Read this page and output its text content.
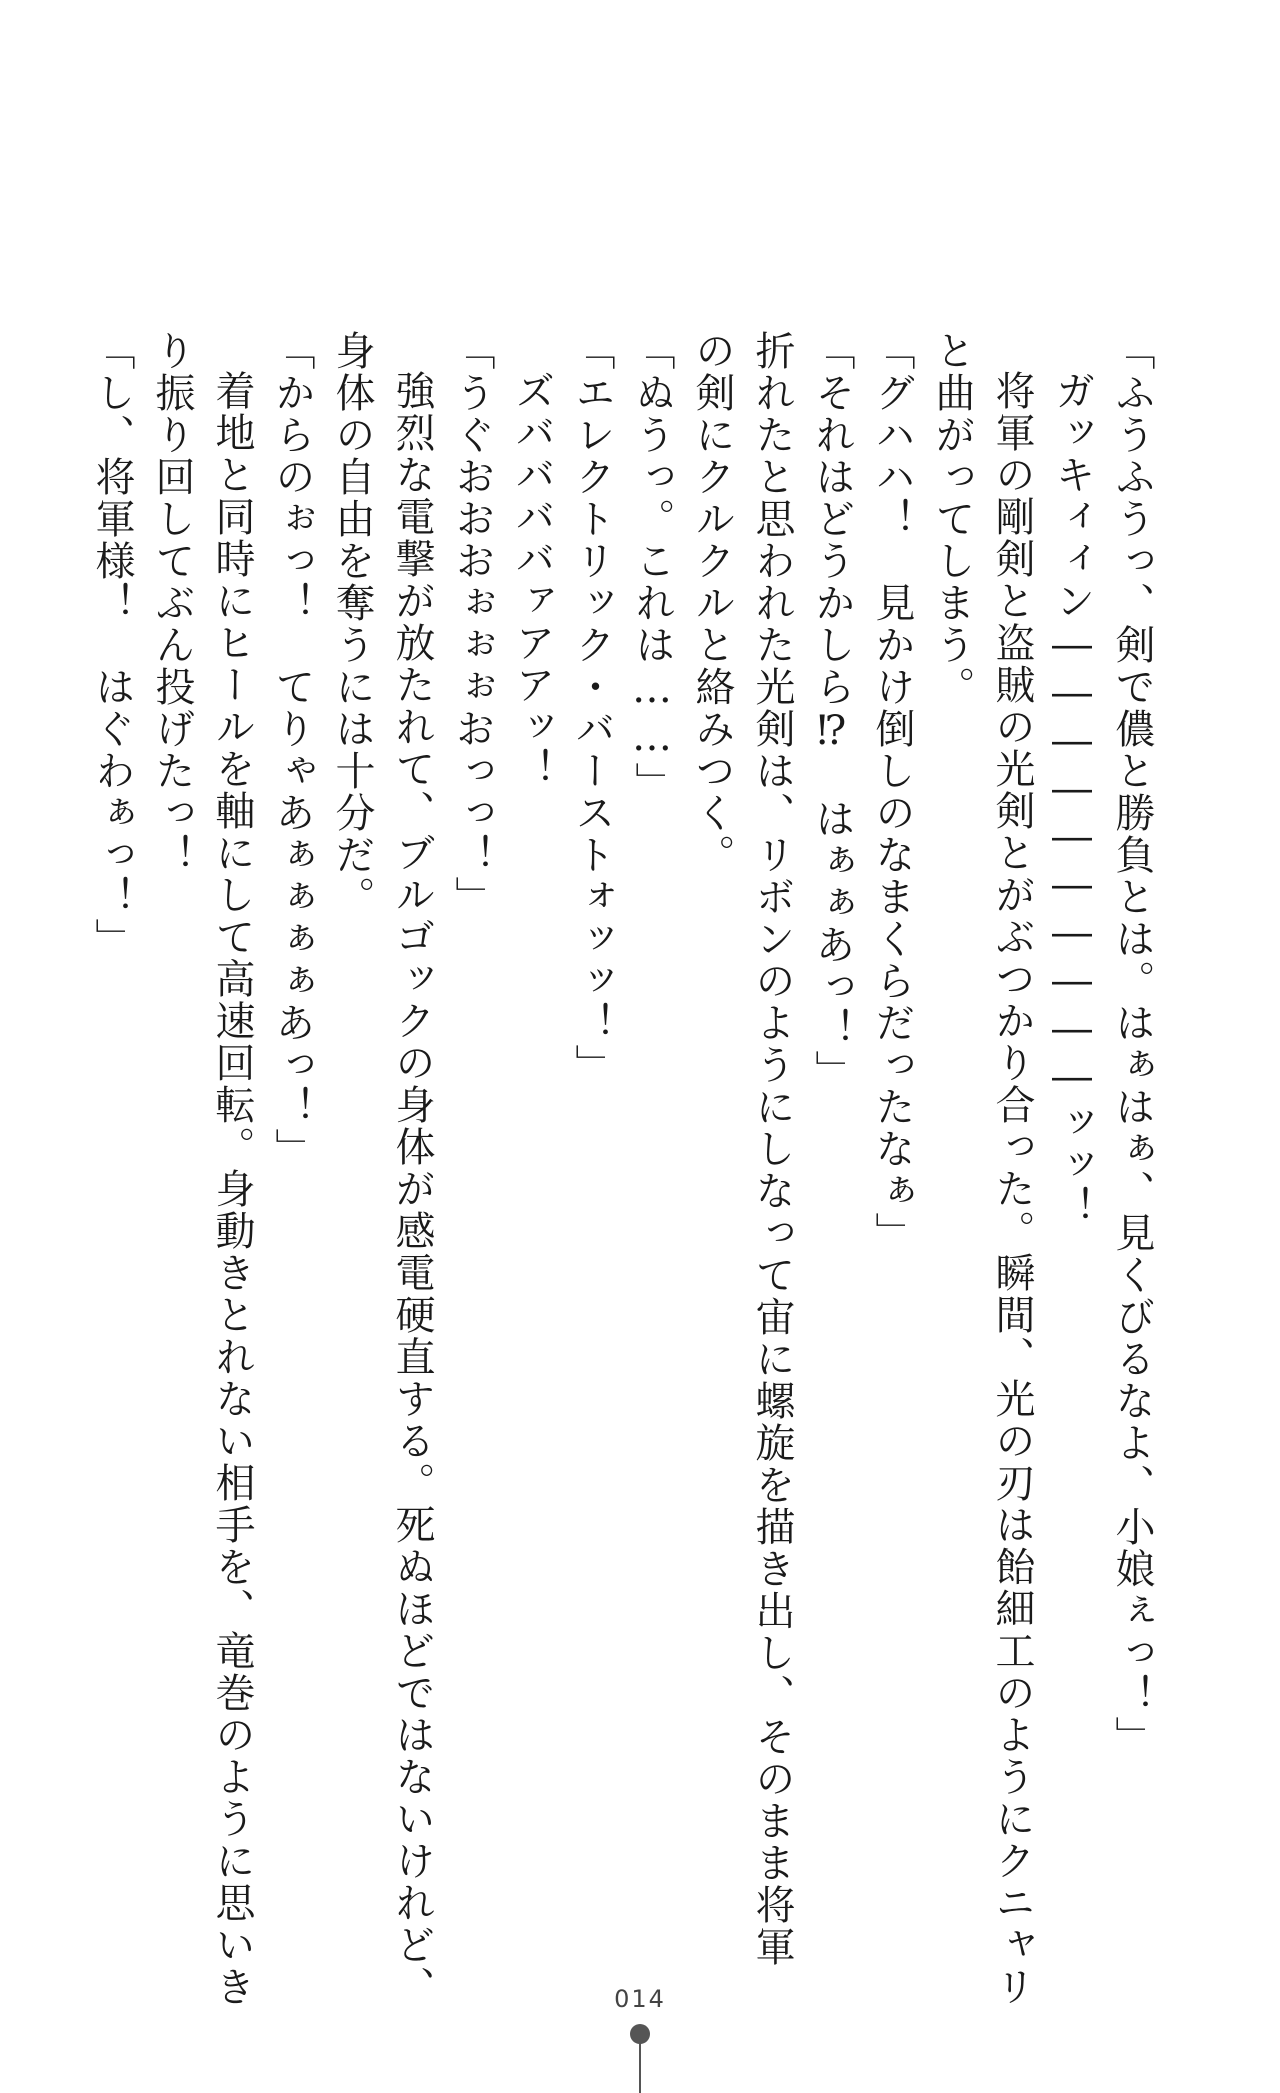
「ふうふうっ、剣で儂と勝負とは。はぁはぁ、見くびるなよ、小娘ぇっ！」
ガッキィィン――――――――――ッッ！
将軍の剛剣と盗賊の光剣とがぶつかり合った。瞬間、光の刃は飴細工のようにクニャリ
と曲がってしまう。
「グハハ！　見かけ倒しのなまくらだったなぁ」
「それはどうかしら⁉　はぁぁあっ！」
折れたと思われた光剣は、リボンのようにしなって宙に螺旋を描き出し、そのまま将軍
の剣にクルクルと絡みつく。
「ぬうっ。これは……」
「エレクトリック・バーストォッッ！」
ズババババァアアッ！
「うぐおおおぉぉぉおっっ！」
強烈な電撃が放たれて、ブルゴックの身体が感電硬直する。死ぬほどではないけれど、
身体の自由を奪うには十分だ。
「からのぉっ！　てりゃあぁぁぁぁあっ！」
着地と同時にヒールを軸にして高速回転。身動きとれない相手を、竜巻のように思いき
り振り回してぶん投げたっ！
「し、将軍様！　はぐわぁっ！」
014
